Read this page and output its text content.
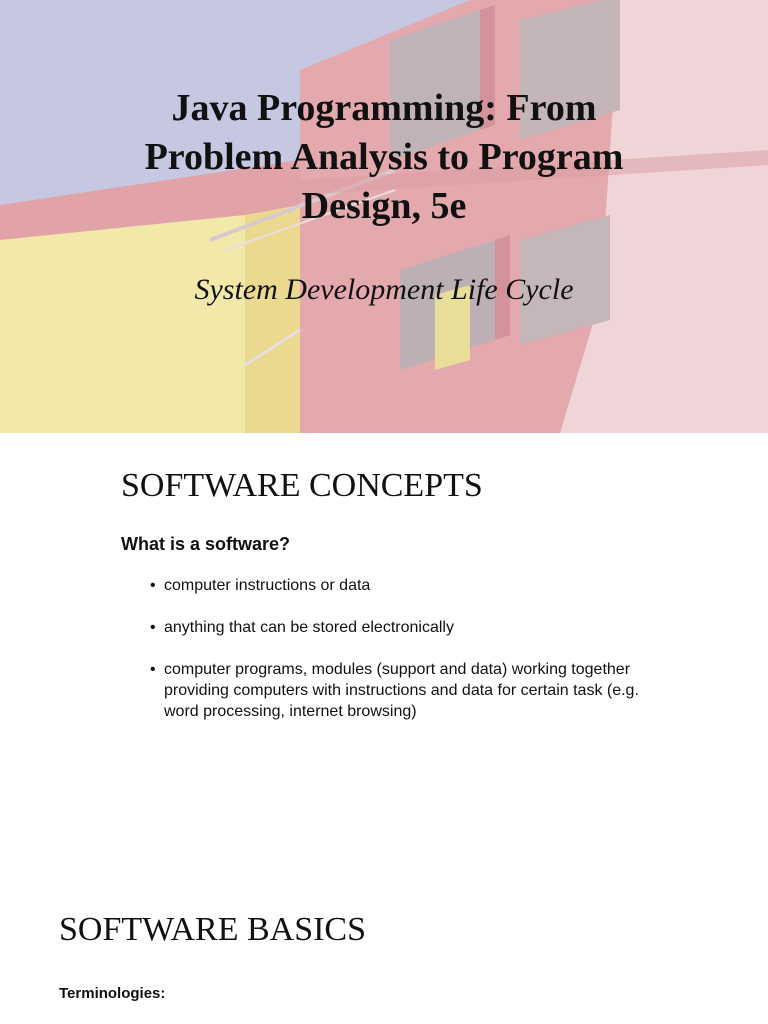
Java Programming: From
Problem Analysis to Program
Design, 5e

System Development Life Cycle

SOFTWARE CONCEPTS

What is a software?

• computer instructions or data
• anything that can be stored electronically
• computer programs, modules (support and data) working together providing computers with instructions and data for certain task (e.g. word processing, internet browsing)
SOFTWARE BASICS

Terminologies:
